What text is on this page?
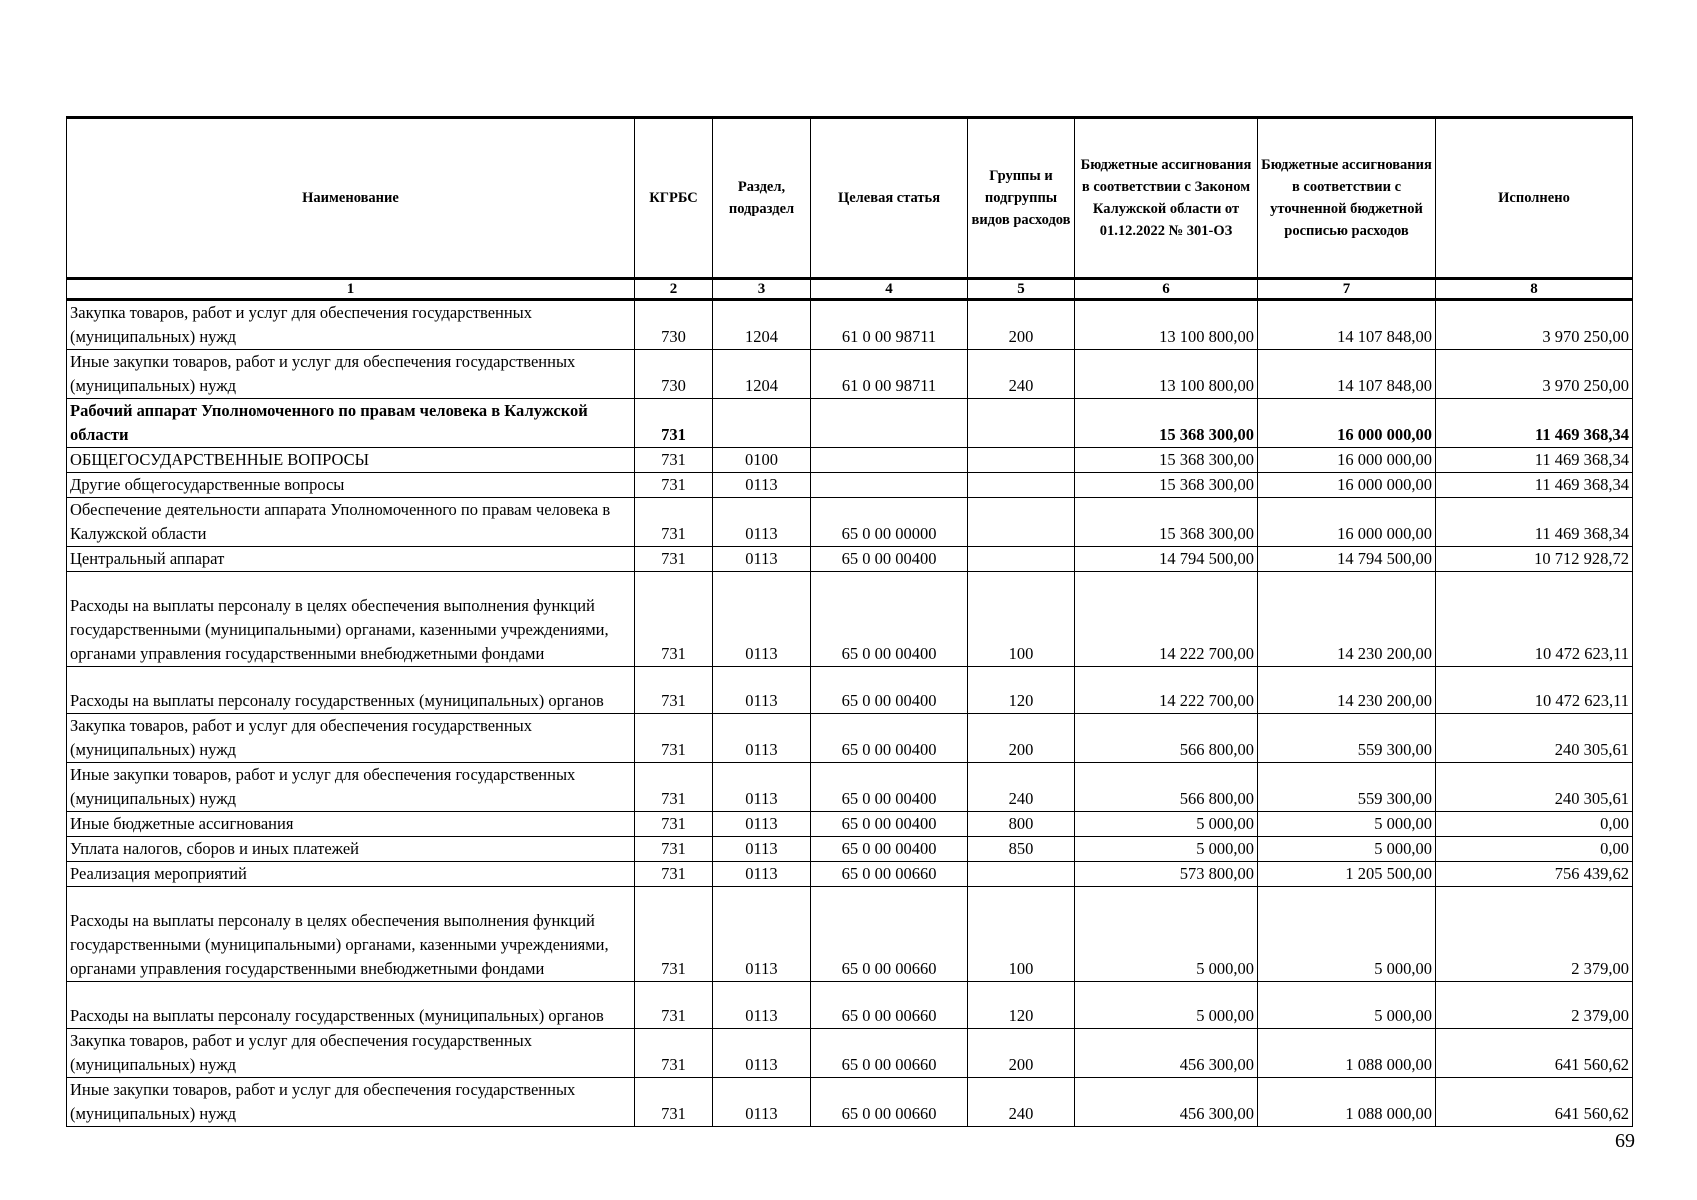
Наименование	КГРБС	Раздел, подраздел	Целевая статья	Группы и подгруппы видов расходов	Бюджетные ассигнования в соответствии с Законом Калужской области от 01.12.2022 № 301-ОЗ	Бюджетные ассигнования в соответствии с уточненной бюджетной росписью расходов	Исполнено
1	2	3	4	5	6	7	8
Закупка товаров, работ и услуг для обеспечения государственных (муниципальных) нужд	730	1204	61 0 00 98711	200	13 100 800,00	14 107 848,00	3 970 250,00
Иные закупки товаров, работ и услуг для обеспечения государственных (муниципальных) нужд	730	1204	61 0 00 98711	240	13 100 800,00	14 107 848,00	3 970 250,00
Рабочий аппарат Уполномоченного по правам человека в Калужской области	731				15 368 300,00	16 000 000,00	11 469 368,34
ОБЩЕГОСУДАРСТВЕННЫЕ ВОПРОСЫ	731	0100			15 368 300,00	16 000 000,00	11 469 368,34
Другие общегосударственные вопросы	731	0113			15 368 300,00	16 000 000,00	11 469 368,34
Обеспечение деятельности аппарата Уполномоченного по правам человека в Калужской области	731	0113	65 0 00 00000		15 368 300,00	16 000 000,00	11 469 368,34
Центральный аппарат	731	0113	65 0 00 00400		14 794 500,00	14 794 500,00	10 712 928,72
Расходы на выплаты персоналу в целях обеспечения выполнения функций государственными (муниципальными) органами, казенными учреждениями, органами управления государственными внебюджетными фондами	731	0113	65 0 00 00400	100	14 222 700,00	14 230 200,00	10 472 623,11
Расходы на выплаты персоналу государственных (муниципальных) органов	731	0113	65 0 00 00400	120	14 222 700,00	14 230 200,00	10 472 623,11
Закупка товаров, работ и услуг для обеспечения государственных (муниципальных) нужд	731	0113	65 0 00 00400	200	566 800,00	559 300,00	240 305,61
Иные закупки товаров, работ и услуг для обеспечения государственных (муниципальных) нужд	731	0113	65 0 00 00400	240	566 800,00	559 300,00	240 305,61
Иные бюджетные ассигнования	731	0113	65 0 00 00400	800	5 000,00	5 000,00	0,00
Уплата налогов, сборов и иных платежей	731	0113	65 0 00 00400	850	5 000,00	5 000,00	0,00
Реализация мероприятий	731	0113	65 0 00 00660		573 800,00	1 205 500,00	756 439,62
Расходы на выплаты персоналу в целях обеспечения выполнения функций государственными (муниципальными) органами, казенными учреждениями, органами управления государственными внебюджетными фондами	731	0113	65 0 00 00660	100	5 000,00	5 000,00	2 379,00
Расходы на выплаты персоналу государственных (муниципальных) органов	731	0113	65 0 00 00660	120	5 000,00	5 000,00	2 379,00
Закупка товаров, работ и услуг для обеспечения государственных (муниципальных) нужд	731	0113	65 0 00 00660	200	456 300,00	1 088 000,00	641 560,62
Иные закупки товаров, работ и услуг для обеспечения государственных (муниципальных) нужд	731	0113	65 0 00 00660	240	456 300,00	1 088 000,00	641 560,62
69
